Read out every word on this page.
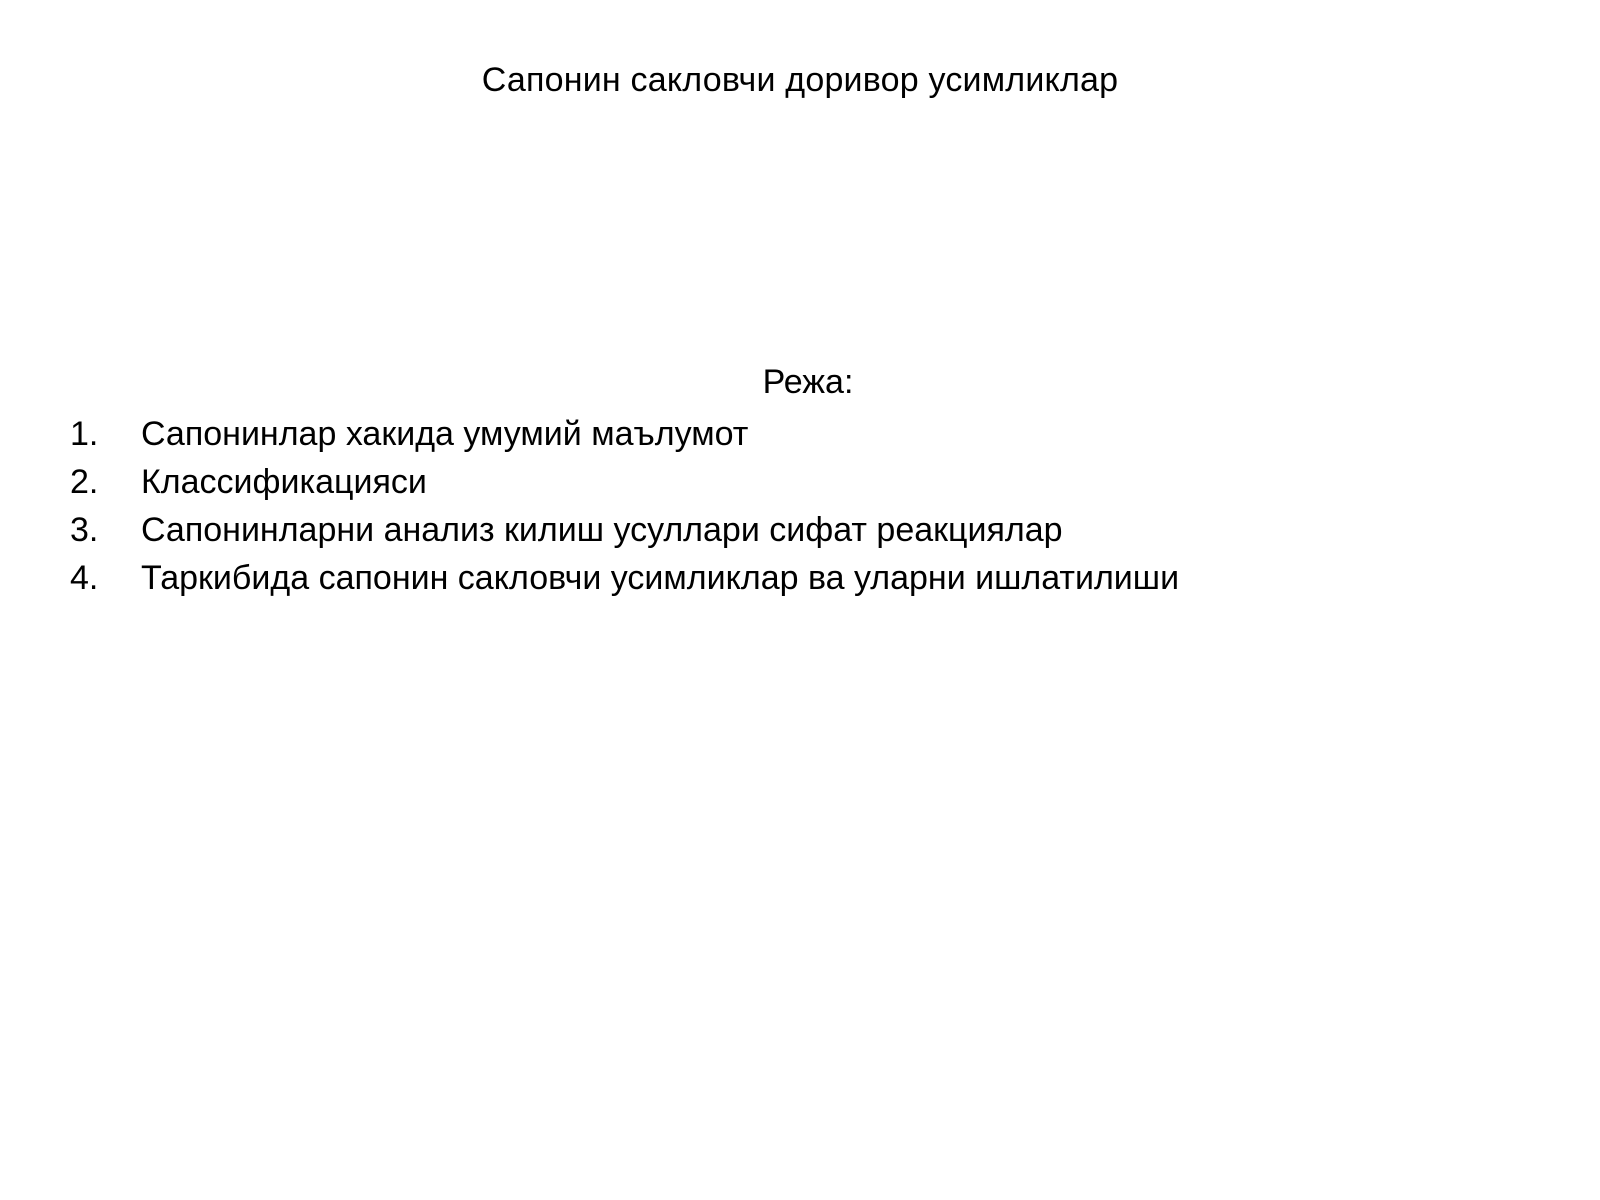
Сапонин сакловчи доривор усимликлар
Режа:
1.	Сапонинлар хакида умумий маълумот
2.	Классификацияси
3.	Сапонинларни анализ килиш усуллари сифат реакциялар
4.	Таркибида сапонин сакловчи усимликлар ва уларни ишлатилиши
